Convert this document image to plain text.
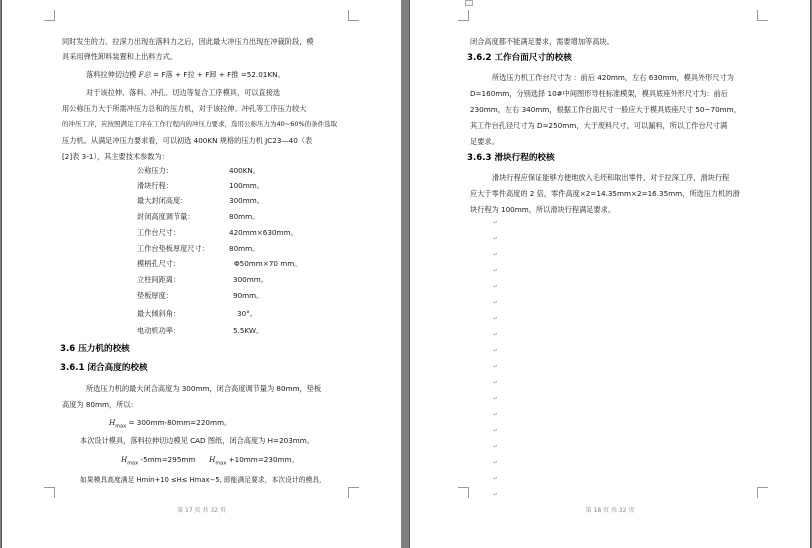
同时发生的力。拉深力出现在落料力之后，因此最大冲压力出现在冲裁阶段，模
具采用弹性卸料装置和上出料方式。
落料拉伸切边模 F总 = F落 + F拉 + F卸 + F推 =52.01KN。
对于该拉伸、落料、冲孔、切边等复合工序模具，可以直接选
用公称压力大于所需冲压力总和的压力机，对于该拉伸、冲孔等工序压力较大
的冲压工序，应按照满足工序在工作行程内的冲压力要求，选用公称压力为40~60%的条件选取
压力机。从满足冲压力要求看，可以初选 400KN 规格的压力机 JC23—40（表
[2]表 3-1），其主要技术参数为：
公称压力：	400KN。
滑块行程：	100mm。
最大封闭高度：	300mm。
封闭高度调节量：	80mm。
工作台尺寸：	420mm×630mm。
工作台垫板厚度尺寸：	80mm。
模柄孔尺寸：	Φ50mm×70 mm。
立柱间距离：	300mm。
垫板厚度：	90mm。
最大倾斜角：	30°。
电动机功率：	5.5KW。
3.6 压力机的校核
3.6.1 闭合高度的校核
所选压力机的最大闭合高度为 300mm，闭合高度调节量为 80mm，垫板
高度为 80mm，所以：
$H_{max} = 300mm-80mm=220mm$。
本次设计模具，落料拉伸切边模见 CAD 图纸，闭合高度为 H=203mm。
$H_{max}$ -5mm=295mm $H_{max} +10mm=230mm$。
如果模具高度满足 Hmin+10 ≤H≤ Hmax−5, 即能满足要求，本次设计的模具，
第 17 页 共 32 页
闭合高度都不能满足要求，需要增加等高块。
3.6.2 工作台面尺寸的校核
所选压力机工作台尺寸为 ：前后 420mm，左右 630mm，模具外形尺寸为
D=160mm，分别选择 10#中间图形导柱标准模架，模具底座外形尺寸为：前后
230mm，左右 340mm，根据工作台面尺寸一般应大于模具底座尺寸 50~70mm，
其工作台孔径尺寸为 D=250mm，大于废料尺寸，可以漏料，所以工作台尺寸满
足要求。
3.6.3 滑块行程的校核
滑块行程应保证能够方便地放入毛坯和取出零件，对于拉深工序，滑块行程
应大于零件高度的 2 倍，零件高度×2=14.35mm×2=16.35mm，所选压力机的滑
块行程为 100mm，所以滑块行程满足要求。
↵
↵
↵
↵
↵
↵
↵
↵
↵
↵
↵
↵
↵
↵
↵
↵
↵
↵
第 18 页 共 32 页
